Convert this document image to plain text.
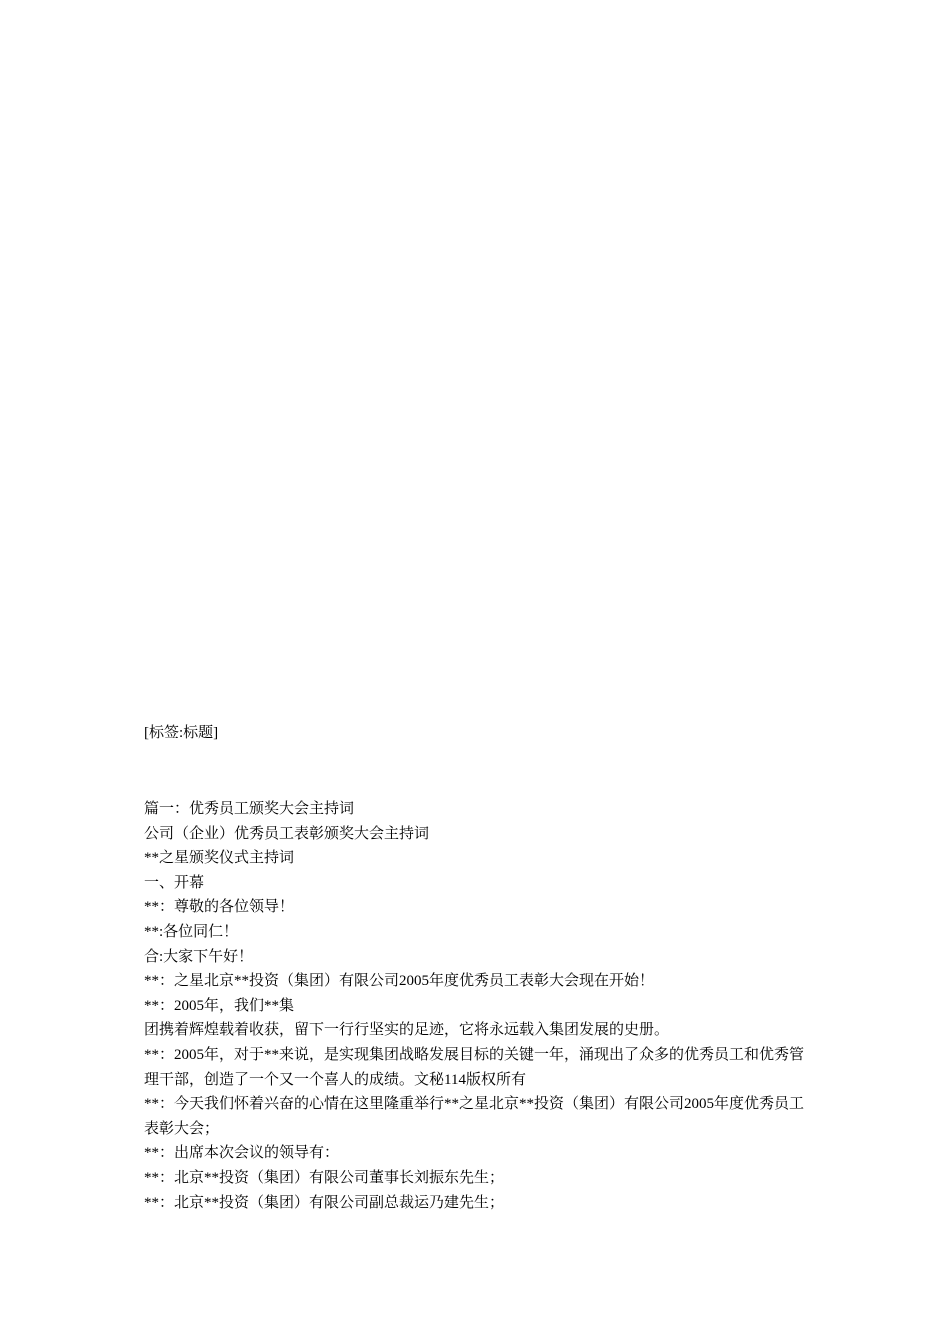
[标签:标题]

篇一：优秀员工颁奖大会主持词

公司（企业）优秀员工表彰颁奖大会主持词

**之星颁奖仪式主持词

一、开幕

**：尊敬的各位领导！

**:各位同仁！

合:大家下午好！

**：之星北京**投资（集团）有限公司2005年度优秀员工表彰大会现在开始！

**：2005年，我们**集

团携着辉煌载着收获，留下一行行坚实的足迹，它将永远载入集团发展的史册。

**：2005年，对于**来说，是实现集团战略发展目标的关键一年，涌现出了众多的优秀员工和优秀管理干部，创造了一个又一个喜人的成绩。文秘114版权所有

**：今天我们怀着兴奋的心情在这里隆重举行**之星北京**投资（集团）有限公司2005年度优秀员工表彰大会；

**：出席本次会议的领导有：

**：北京**投资（集团）有限公司董事长刘振东先生；

**：北京**投资（集团）有限公司副总裁运乃建先生；
